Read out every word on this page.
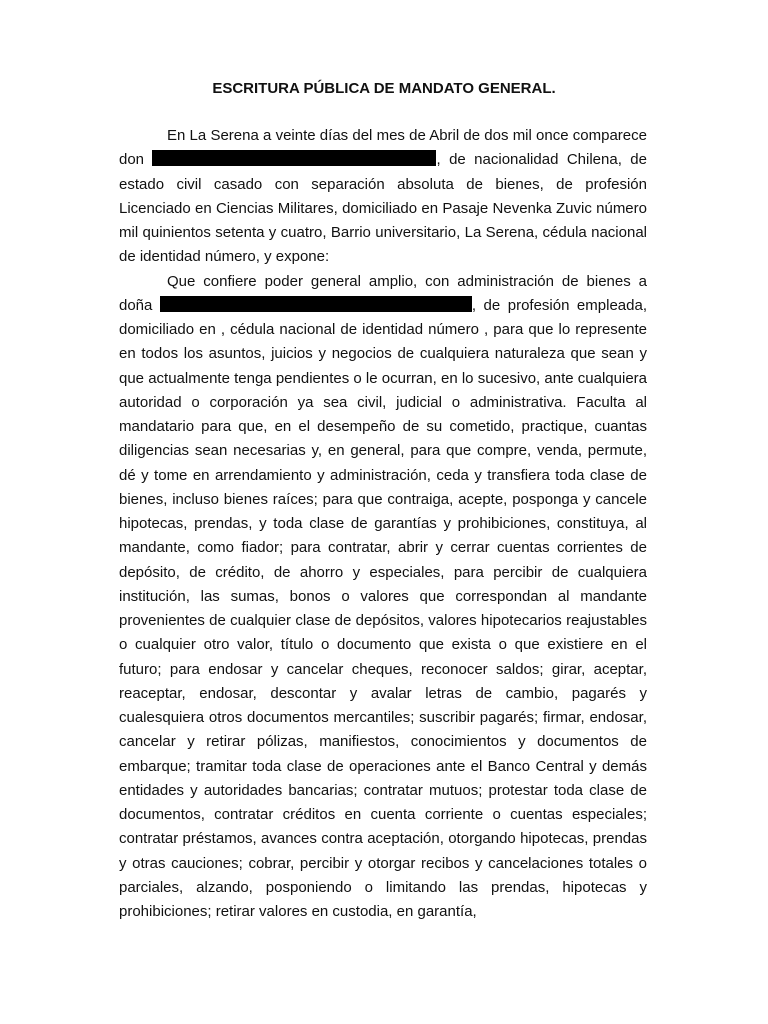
ESCRITURA PÚBLICA DE MANDATO GENERAL.

En La Serena a veinte días del mes de Abril de dos mil once comparece don	, de nacionalidad Chilena, de estado civil casado con separación absoluta de bienes, de profesión Licenciado en Ciencias Militares, domiciliado en Pasaje Nevenka Zuvic número mil quinientos setenta y cuatro, Barrio universitario, La Serena, cédula nacional de identidad número, y expone:

Que confiere poder general amplio, con administración de bienes a doña	, de profesión empleada, domiciliado en , cédula nacional de identidad número , para que lo represente en todos los asuntos, juicios y negocios de cualquiera naturaleza que sean y que actualmente tenga pendientes o le ocurran, en lo sucesivo, ante cualquiera autoridad o corporación ya sea civil, judicial o administrativa. Faculta al mandatario para que, en el desempeño de su cometido, practique, cuantas diligencias sean necesarias y, en general, para que compre, venda, permute, dé y tome en arrendamiento y administración, ceda y transfiera toda clase de bienes, incluso bienes raíces; para que contraiga, acepte, posponga y cancele hipotecas, prendas, y toda clase de garantías y prohibiciones, constituya, al mandante, como fiador; para contratar, abrir y cerrar cuentas corrientes de depósito, de crédito, de ahorro y especiales, para percibir de cualquiera institución, las sumas, bonos o valores que correspondan al mandante provenientes de cualquier clase de depósitos, valores hipotecarios reajustables o cualquier otro valor, título o documento que exista o que existiere en el futuro; para endosar y cancelar cheques, reconocer saldos; girar, aceptar, reaceptar, endosar, descontar y avalar letras de cambio, pagarés y cualesquiera otros documentos mercantiles; suscribir pagarés; firmar, endosar, cancelar y retirar pólizas, manifiestos, conocimientos y documentos de embarque; tramitar toda clase de operaciones ante el Banco Central y demás entidades y autoridades bancarias; contratar mutuos; protestar toda clase de documentos, contratar créditos en cuenta corriente o cuentas especiales; contratar préstamos, avances contra aceptación, otorgando hipotecas, prendas y otras cauciones; cobrar, percibir y otorgar recibos y cancelaciones totales o parciales, alzando, posponiendo o limitando las prendas, hipotecas y prohibiciones; retirar valores en custodia, en garantía,
